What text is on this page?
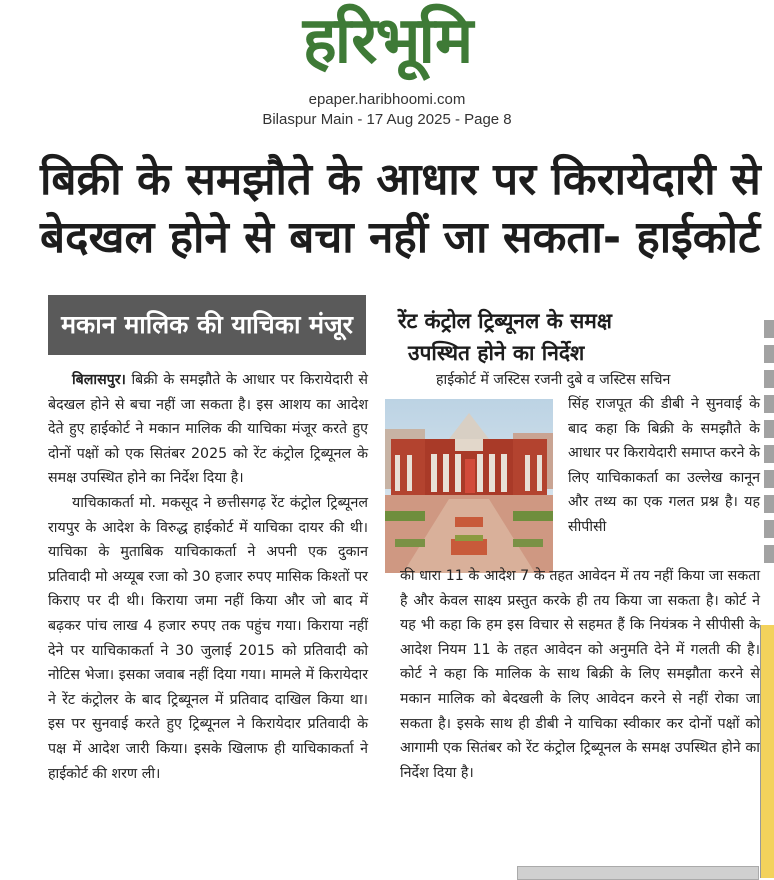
हरिभूमि
epaper.haribhoomi.com
Bilaspur Main - 17 Aug 2025 - Page 8
बिक्री के समझौते के आधार पर किरायेदारी से
बेदखल होने से बचा नहीं जा सकता- हाईकोर्ट
मकान मालिक की याचिका मंजूर

बिलासपुर। बिक्री के समझौते के आधार पर किरायेदारी से बेदखल होने से बचा नहीं जा सकता है। इस आशय का आदेश देते हुए हाईकोर्ट ने मकान मालिक की याचिका मंजूर करते हुए दोनों पक्षों को एक सितंबर 2025 को रेंट कंट्रोल ट्रिब्यूनल के समक्ष उपस्थित होने का निर्देश दिया है।

याचिकाकर्ता मो. मकसूद ने छत्तीसगढ़ रेंट कंट्रोल ट्रिब्यूनल रायपुर के आदेश के विरुद्ध हाईकोर्ट में याचिका दायर की थी। याचिका के मुताबिक याचिकाकर्ता ने अपनी एक दुकान प्रतिवादी मो अय्यूब रजा को 30 हजार रुपए मासिक किश्तों पर किराए पर दी थी। किराया जमा नहीं किया और जो बाद में बढ़कर पांच लाख 4 हजार रुपए तक पहुंच गया। किराया नहीं देने पर याचिकाकर्ता ने 30 जुलाई 2015 को प्रतिवादी को नोटिस भेजा। इसका जवाब नहीं दिया गया। मामले में किरायेदार ने रेंट कंट्रोलर के बाद ट्रिब्यूनल में प्रतिवाद दाखिल किया था। इस पर सुनवाई करते हुए ट्रिब्यूनल ने किरायेदार प्रतिवादी के पक्ष में आदेश जारी किया। इसके खिलाफ ही याचिकाकर्ता ने हाईकोर्ट की शरण ली।

रेंट कंट्रोल ट्रिब्यूनल के समक्ष
उपस्थित होने का निर्देश

हाईकोर्ट में जस्टिस रजनी दुबे व जस्टिस सचिन

सिंह राजपूत की डीबी ने सुनवाई के बाद कहा कि बिक्री के समझौते के आधार पर किरायेदारी समाप्त करने के लिए याचिकाकर्ता का उल्लेख कानून और तथ्य का एक गलत प्रश्न है। यह सीपीसी

की धारा 11 के आदेश 7 के तहत आवेदन में तय नहीं किया जा सकता है और केवल साक्ष्य प्रस्तुत करके ही तय किया जा सकता है। कोर्ट ने यह भी कहा कि हम इस विचार से सहमत हैं कि नियंत्रक ने सीपीसी के आदेश नियम 11 के तहत आवेदन को अनुमति देने में गलती की है। कोर्ट ने कहा कि मालिक के साथ बिक्री के लिए समझौता करने से मकान मालिक को बेदखली के लिए आवेदन करने से नहीं रोका जा सकता है। इसके साथ ही डीबी ने याचिका स्वीकार कर दोनों पक्षों को आगामी एक सितंबर को रेंट कंट्रोल ट्रिब्यूनल के समक्ष उपस्थित होने का निर्देश दिया है।
